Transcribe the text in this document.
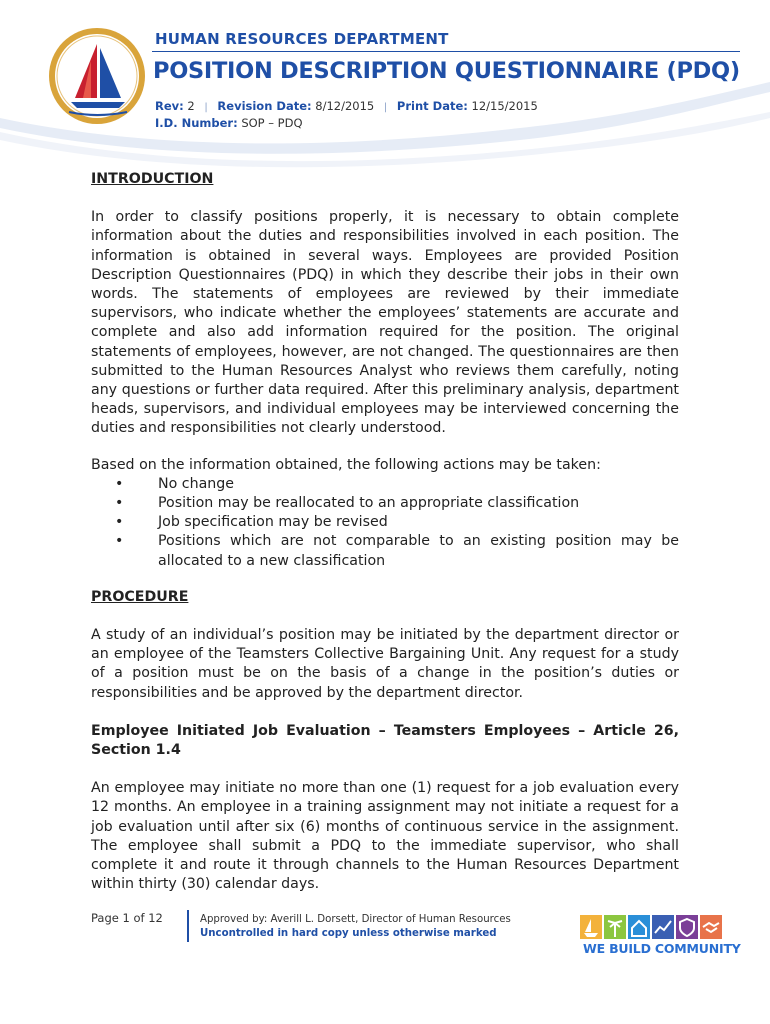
HUMAN RESOURCES DEPARTMENT
POSITION DESCRIPTION QUESTIONNAIRE (PDQ)
Rev: 2 | Revision Date: 8/12/2015 | Print Date: 12/15/2015
I.D. Number: SOP – PDQ

INTRODUCTION

In order to classify positions properly, it is necessary to obtain complete information about the duties and responsibilities involved in each position. The information is obtained in several ways. Employees are provided Position Description Questionnaires (PDQ) in which they describe their jobs in their own words. The statements of employees are reviewed by their immediate supervisors, who indicate whether the employees’ statements are accurate and complete and also add information required for the position. The original statements of employees, however, are not changed. The questionnaires are then submitted to the Human Resources Analyst who reviews them carefully, noting any questions or further data required. After this preliminary analysis, department heads, supervisors, and individual employees may be interviewed concerning the duties and responsibilities not clearly understood.

Based on the information obtained, the following actions may be taken:

• No change
• Position may be reallocated to an appropriate classification
• Job specification may be revised
• Positions which are not comparable to an existing position may be allocated to a new classification

PROCEDURE

A study of an individual’s position may be initiated by the department director or an employee of the Teamsters Collective Bargaining Unit. Any request for a study of a position must be on the basis of a change in the position’s duties or responsibilities and be approved by the department director.

Employee Initiated Job Evaluation – Teamsters Employees – Article 26, Section 1.4

An employee may initiate no more than one (1) request for a job evaluation every 12 months. An employee in a training assignment may not initiate a request for a job evaluation until after six (6) months of continuous service in the assignment. The employee shall submit a PDQ to the immediate supervisor, who shall complete it and route it through channels to the Human Resources Department within thirty (30) calendar days.

Page 1 of 12	Approved by: Averill L. Dorsett, Director of Human Resources
Uncontrolled in hard copy unless otherwise marked
WE BUILD COMMUNITY
